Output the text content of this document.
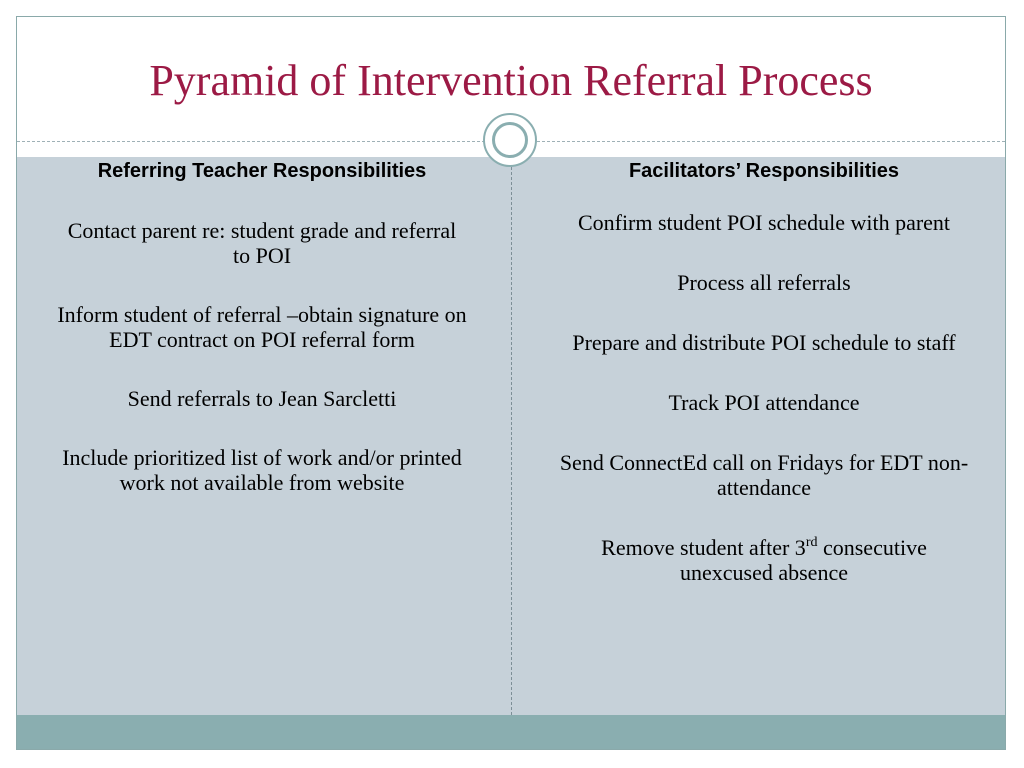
Pyramid of Intervention Referral Process

Referring Teacher Responsibilities

Contact parent re: student grade and referral to POI

Inform student of referral –obtain signature on EDT contract on POI referral form

Send referrals to Jean Sarcletti

Include prioritized list of work and/or printed work not available from website

Facilitators’ Responsibilities

Confirm student POI schedule with parent

Process all referrals

Prepare and distribute POI schedule to staff

Track POI attendance

Send ConnectEd call on Fridays for EDT non-attendance

Remove student after 3rd consecutive unexcused absence
